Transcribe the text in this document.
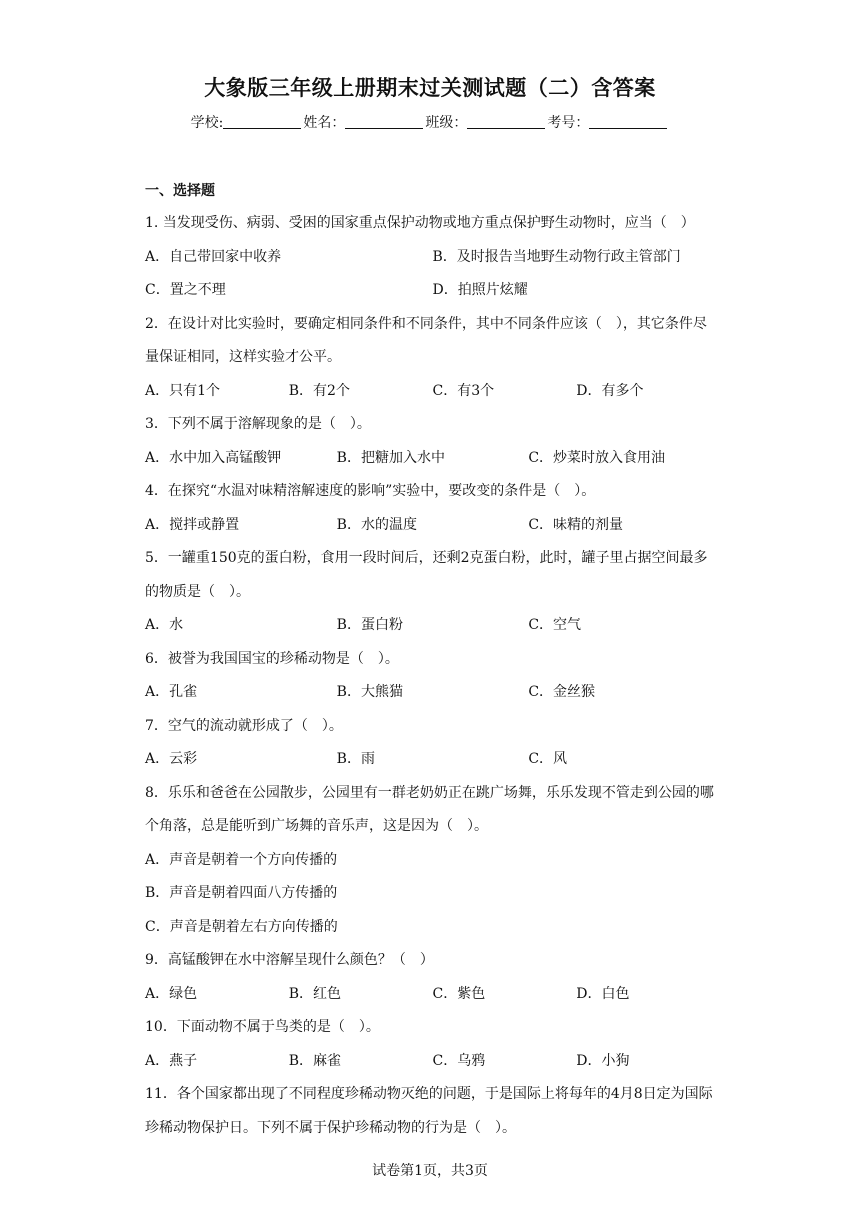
大象版三年级上册期末过关测试题（二）含答案
学校:	姓名：	班级：	考号：
一、选择题
1. 当发现受伤、病弱、受困的国家重点保护动物或地方重点保护野生动物时，应当（　）
A．自己带回家中收养	B．及时报告当地野生动物行政主管部门
C．置之不理	D．拍照片炫耀
2．在设计对比实验时，要确定相同条件和不同条件，其中不同条件应该（　），其它条件尽量保证相同，这样实验才公平。
A．只有1个	B．有2个	C．有3个	D．有多个
3．下列不属于溶解现象的是（　）。
A．水中加入高锰酸钾	B．把糖加入水中	C．炒菜时放入食用油
4．在探究“水温对味精溶解速度的影响”实验中，要改变的条件是（　）。
A．搅拌或静置	B．水的温度	C．味精的剂量
5．一罐重150克的蛋白粉，食用一段时间后，还剩2克蛋白粉，此时，罐子里占据空间最多的物质是（　）。
A．水	B．蛋白粉	C．空气
6．被誉为我国国宝的珍稀动物是（　）。
A．孔雀	B．大熊猫	C．金丝猴
7．空气的流动就形成了（　）。
A．云彩	B．雨	C．风
8．乐乐和爸爸在公园散步，公园里有一群老奶奶正在跳广场舞，乐乐发现不管走到公园的哪个角落，总是能听到广场舞的音乐声，这是因为（　）。
A．声音是朝着一个方向传播的
B．声音是朝着四面八方传播的
C．声音是朝着左右方向传播的
9．高锰酸钾在水中溶解呈现什么颜色？（　）
A．绿色	B．红色	C．紫色	D．白色
10．下面动物不属于鸟类的是（　）。
A．燕子	B．麻雀	C．乌鸦	D．小狗
11．各个国家都出现了不同程度珍稀动物灭绝的问题，于是国际上将每年的4月8日定为国际珍稀动物保护日。下列不属于保护珍稀动物的行为是（　）。
试卷第1页，共3页
